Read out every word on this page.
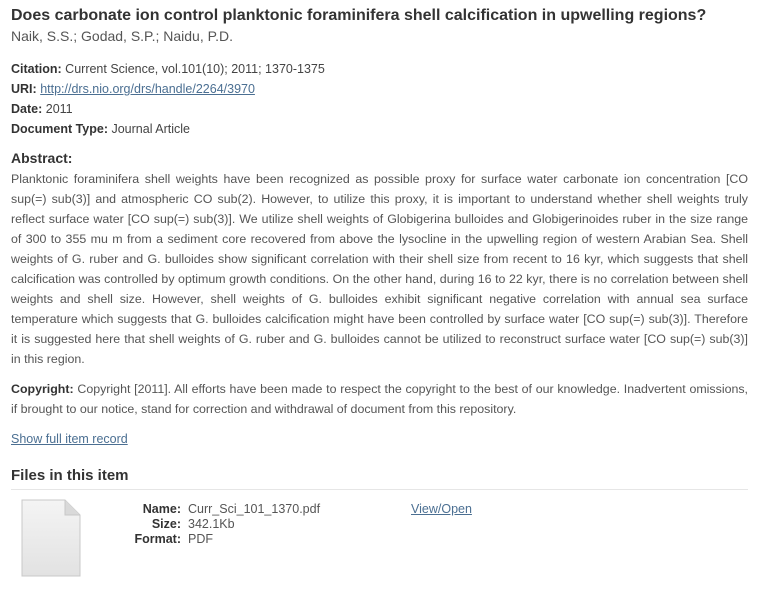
Does carbonate ion control planktonic foraminifera shell calcification in upwelling regions?
Naik, S.S.; Godad, S.P.; Naidu, P.D.
Citation: Current Science, vol.101(10); 2011; 1370-1375
URI: http://drs.nio.org/drs/handle/2264/3970
Date: 2011
Document Type: Journal Article
Abstract:
Planktonic foraminifera shell weights have been recognized as possible proxy for surface water carbonate ion concentration [CO sup(=) sub(3)] and atmospheric CO sub(2). However, to utilize this proxy, it is important to understand whether shell weights truly reflect surface water [CO sup(=) sub(3)]. We utilize shell weights of Globigerina bulloides and Globigerinoides ruber in the size range of 300 to 355 mu m from a sediment core recovered from above the lysocline in the upwelling region of western Arabian Sea. Shell weights of G. ruber and G. bulloides show significant correlation with their shell size from recent to 16 kyr, which suggests that shell calcification was controlled by optimum growth conditions. On the other hand, during 16 to 22 kyr, there is no correlation between shell weights and shell size. However, shell weights of G. bulloides exhibit significant negative correlation with annual sea surface temperature which suggests that G. bulloides calcification might have been controlled by surface water [CO sup(=) sub(3)]. Therefore it is suggested here that shell weights of G. ruber and G. bulloides cannot be utilized to reconstruct surface water [CO sup(=) sub(3)] in this region.
Copyright: Copyright [2011]. All efforts have been made to respect the copyright to the best of our knowledge. Inadvertent omissions, if brought to our notice, stand for correction and withdrawal of document from this repository.
Show full item record
Files in this item
Name: Curr_Sci_101_1370.pdf
Size: 342.1Kb
Format: PDF
View/Open
